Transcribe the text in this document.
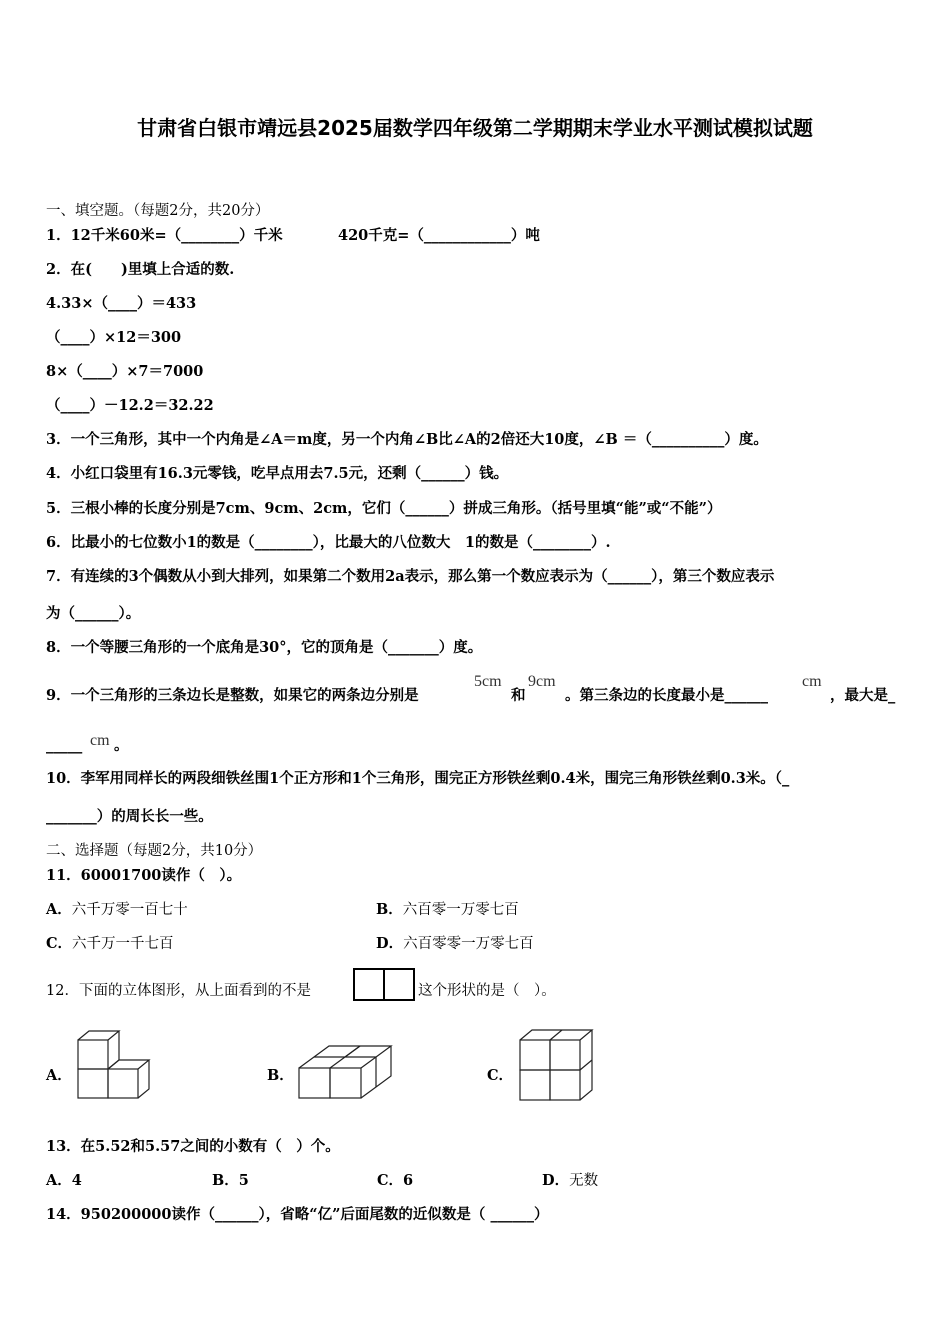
甘肃省白银市靖远县2025届数学四年级第二学期期末学业水平测试模拟试题
一、填空题。（每题2分，共20分）
1．12千米60米=（________）千米	420千克=（____________）吨
2．在(　　)里填上合适的数.
4.33×（____）＝433
（____）×12＝300
8×（____）×7＝7000
（____）－12.2＝32.22
3．一个三角形，其中一个内角是∠A＝m度，另一个内角∠B比∠A的2倍还大10度，∠B ＝（__________）度。
4．小红口袋里有16.3元零钱，吃早点用去7.5元，还剩（______）钱。
5．三根小棒的长度分别是7cm、9cm、2cm，它们（______）拼成三角形。（括号里填“能”或“不能”）
6．比最小的七位数小1的数是（________），比最大的八位数大　1的数是（________）.
7．有连续的3个偶数从小到大排列，如果第二个数用2a表示，那么第一个数应表示为（______），第三个数应表示
为（______）。
8．一个等腰三角形的一个底角是30°，它的顶角是（_______）度。
9．一个三角形的三条边长是整数，如果它的两条边分别是
5cm
和
9cm
。第三条边的长度最小是______
cm
，最大是_
_____ cm 。
10．李军用同样长的两段细铁丝围1个正方形和1个三角形，围完正方形铁丝剩0.4米，围完三角形铁丝剩0.3米。（_
_______）的周长长一些。
二、选择题（每题2分，共10分）
11．60001700读作（　）。
A．六千万零一百七十	B．六百零一万零七百
C．六千万一千七百	D．六百零零一万零七百
12．下面的立体图形，从上面看到的不是	这个形状的是（　）。
A．	B．	C．
13．在5.52和5.57之间的小数有（　）个。
A．4	B．5	C．6	D．无数
14．950200000读作（______），省略“亿”后面尾数的近似数是（ ______）
